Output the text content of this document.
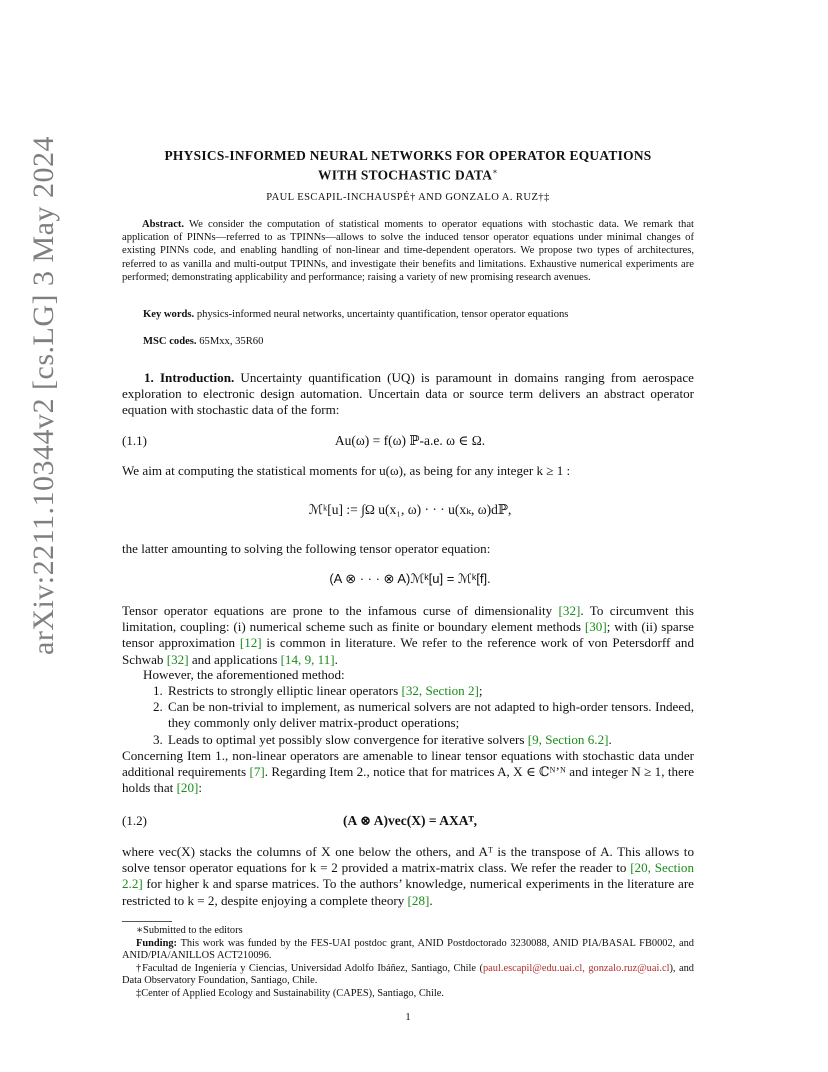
arXiv:2211.10344v2 [cs.LG] 3 May 2024	PHYSICS-INFORMED NEURAL NETWORKS FOR OPERATOR EQUATIONS
WITH STOCHASTIC DATA∗
PAUL ESCAPIL-INCHAUSPÉ† AND GONZALO A. RUZ†‡
Abstract. We consider the computation of statistical moments to operator equations with stochastic data. We remark that application of PINNs—referred to as TPINNs—allows to solve the induced tensor operator equations under minimal changes of existing PINNs code, and enabling handling of non-linear and time-dependent operators. We propose two types of architectures, referred to as vanilla and multi-output TPINNs, and investigate their benefits and limitations. Exhaustive numerical experiments are performed; demonstrating applicability and performance; raising a variety of new promising research avenues.
Key words. physics-informed neural networks, uncertainty quantification, tensor operator equations
MSC codes. 65Mxx, 35R60
1. Introduction. Uncertainty quantification (UQ) is paramount in domains ranging from aerospace exploration to electronic design automation. Uncertain data or source term delivers an abstract operator equation with stochastic data of the form:
(1.1)	Au(ω) = f(ω) ℙ-a.e. ω ∈ Ω.
We aim at computing the statistical moments for u(ω), as being for any integer k ≥ 1 :
ℳᵏ[u] := ∫Ω u(x₁, ω) · · · u(xₖ, ω)dℙ,
the latter amounting to solving the following tensor operator equation:
(A ⊗ · · · ⊗ A)ℳᵏ[u] = ℳᵏ[f].
Tensor operator equations are prone to the infamous curse of dimensionality [32]. To circumvent this limitation, coupling: (i) numerical scheme such as finite or boundary element methods [30]; with (ii) sparse tensor approximation [12] is common in literature. We refer to the reference work of von Petersdorff and Schwab [32] and applications [14, 9, 11].
However, the aforementioned method:
1. Restricts to strongly elliptic linear operators [32, Section 2];
2. Can be non-trivial to implement, as numerical solvers are not adapted to high-order tensors. Indeed, they commonly only deliver matrix-product operations;
3. Leads to optimal yet possibly slow convergence for iterative solvers [9, Section 6.2].
Concerning Item 1., non-linear operators are amenable to linear tensor equations with stochastic data under additional requirements [7]. Regarding Item 2., notice that for matrices A, X ∈ ℂᴺ’ᴺ and integer N ≥ 1, there holds that [20]:
(1.2)	(A ⊗ A)vec(X) = AXAᵀ,
where vec(X) stacks the columns of X one below the others, and Aᵀ is the transpose of A. This allows to solve tensor operator equations for k = 2 provided a matrix-matrix class. We refer the reader to [20, Section 2.2] for higher k and sparse matrices. To the authors’ knowledge, numerical experiments in the literature are restricted to k = 2, despite enjoying a complete theory [28].
∗Submitted to the editors
Funding: This work was funded by the FES-UAI postdoc grant, ANID Postdoctorado 3230088, ANID PIA/BASAL FB0002, and ANID/PIA/ANILLOS ACT210096.
†Facultad de Ingeniería y Ciencias, Universidad Adolfo Ibáñez, Santiago, Chile (paul.escapil@edu.uai.cl, gonzalo.ruz@uai.cl), and Data Observatory Foundation, Santiago, Chile.
‡Center of Applied Ecology and Sustainability (CAPES), Santiago, Chile.
1
